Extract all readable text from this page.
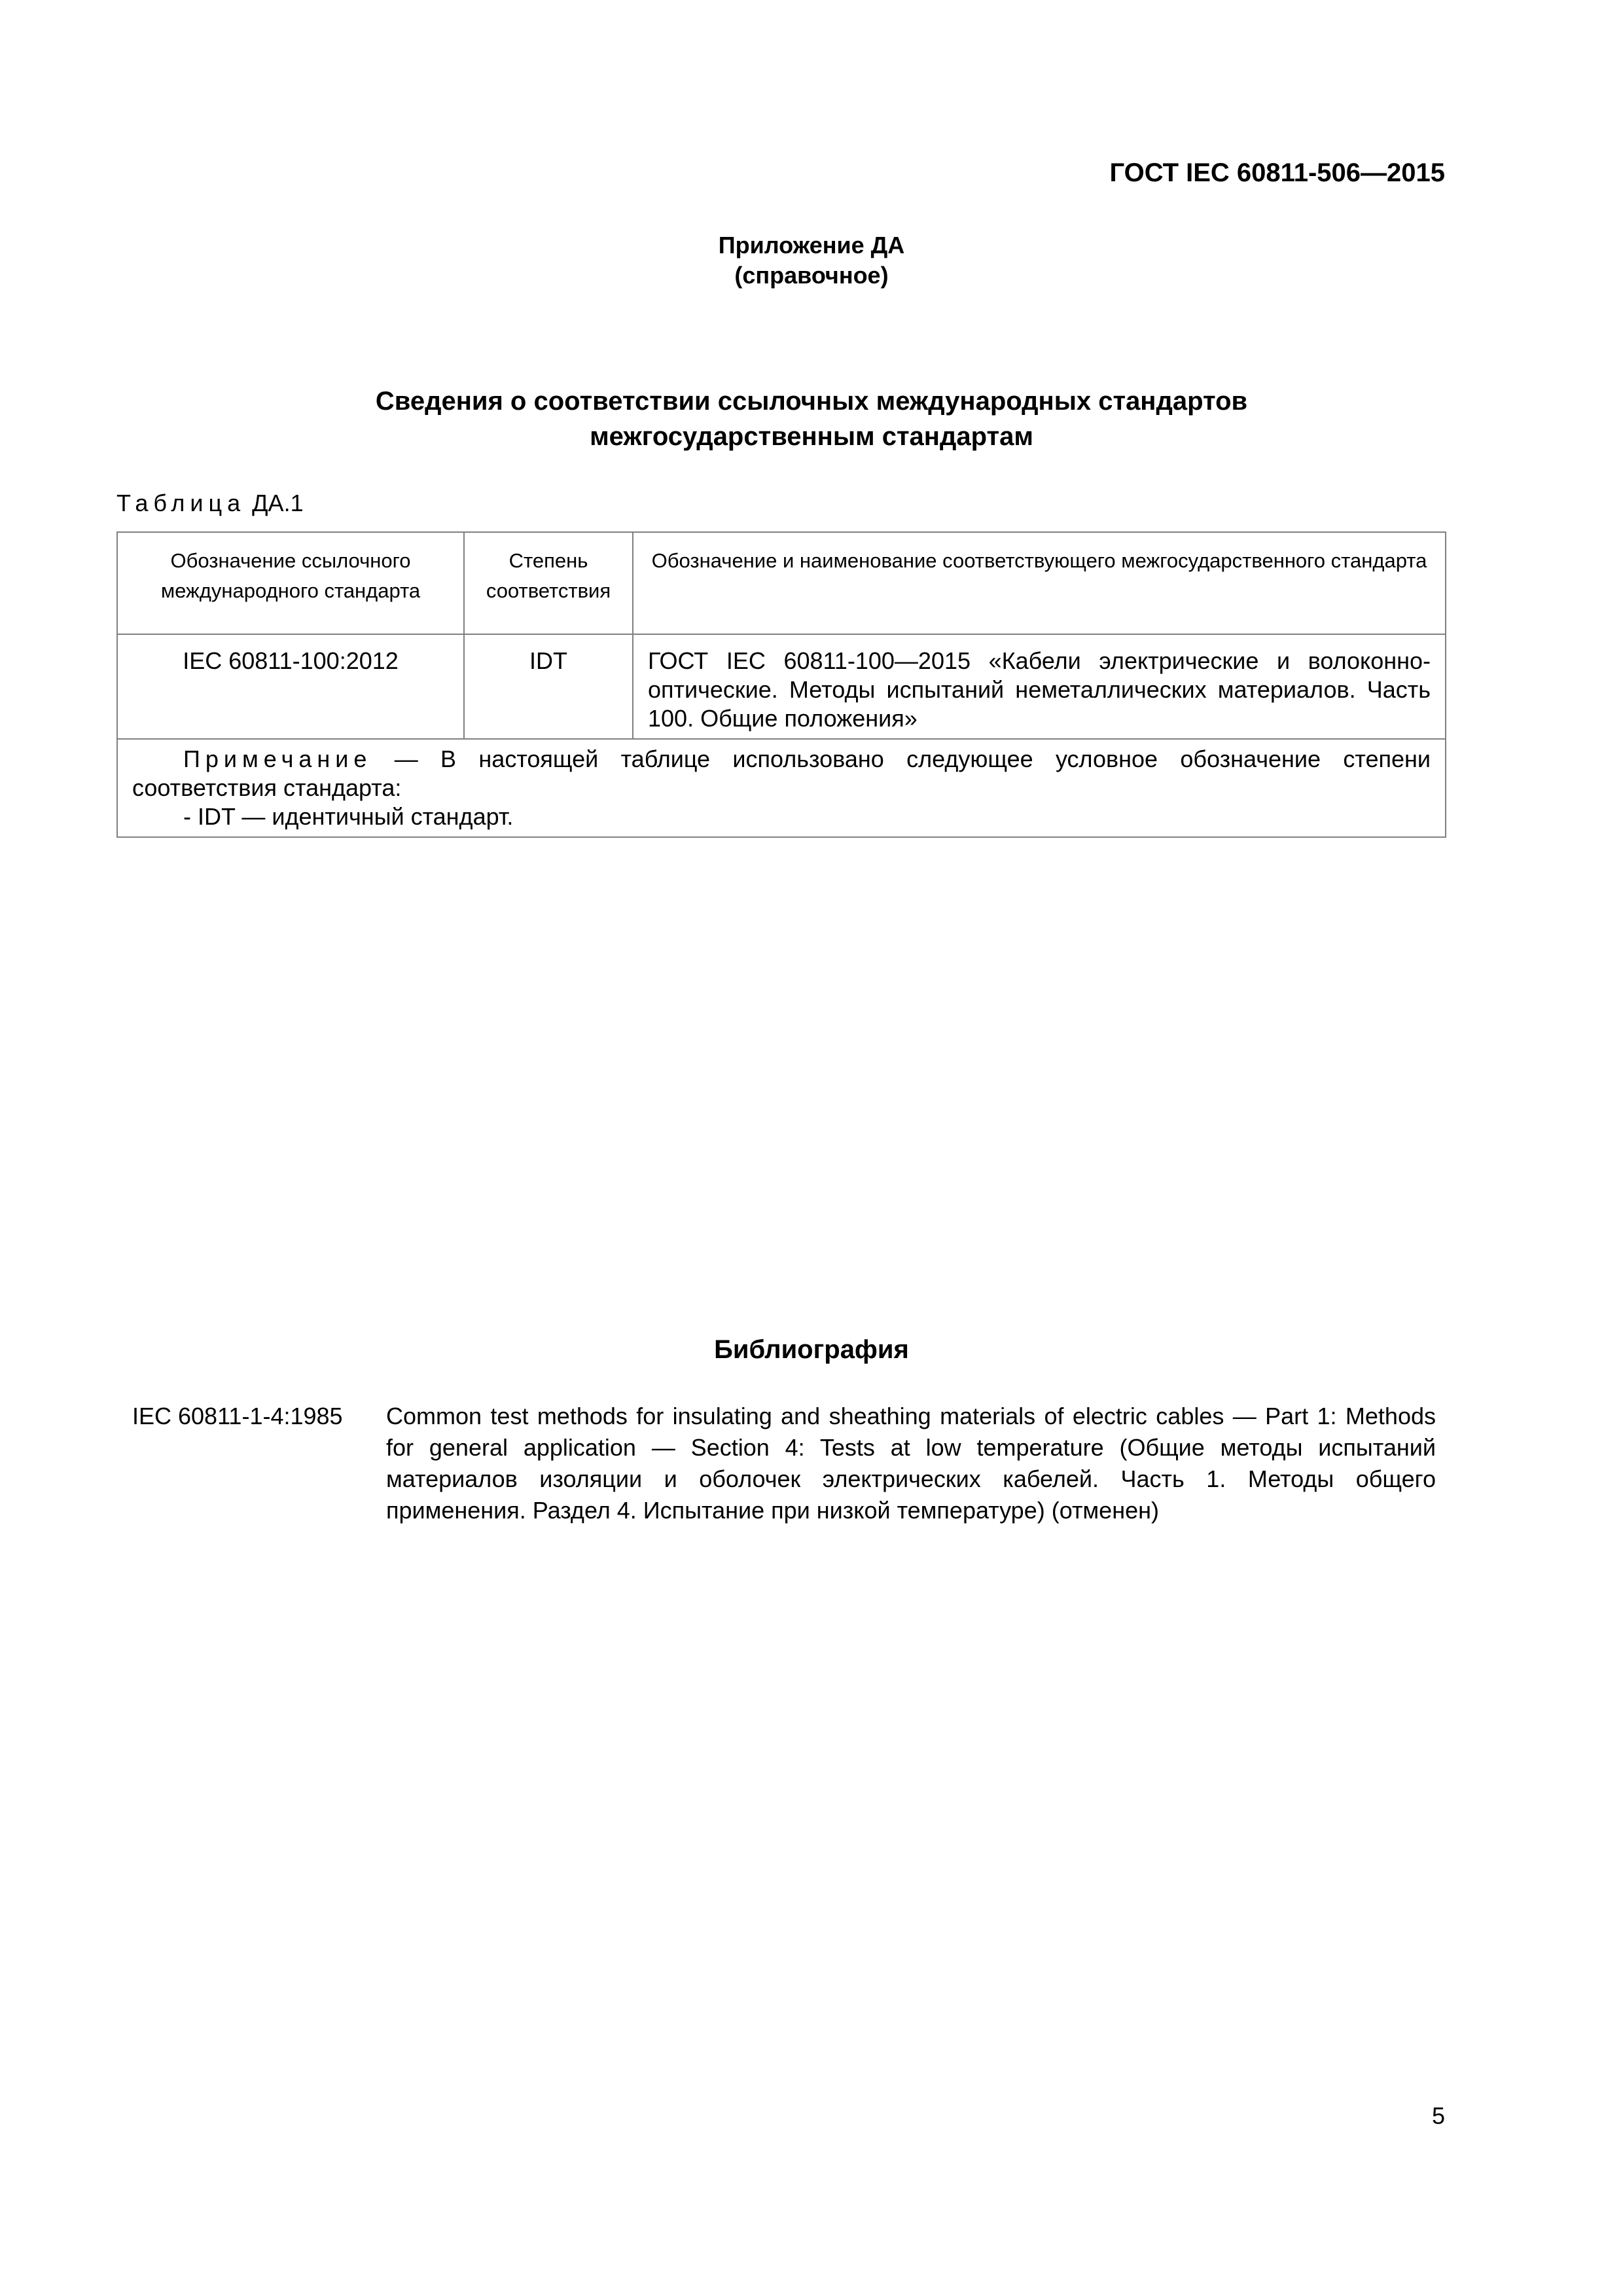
ГОСТ IEC 60811-506—2015
Приложение ДА
(справочное)
Сведения о соответствии ссылочных международных стандартов
межгосударственным стандартам
Таблица ДА.1
Обозначение ссылочного международного стандарта	Степень соответствия	Обозначение и наименование соответствующего межгосударственного стандарта
IEC 60811-100:2012	IDT	ГОСТ IEC 60811-100—2015 «Кабели электрические и волоконно-оптические. Методы испытаний неметаллических материалов. Часть 100. Общие положения»

Примечание — В настоящей таблице использовано следующее условное обозначение степени соответствия стандарта:

- IDT — идентичный стандарт.		

Библиография
IEC 60811-1-4:1985 Common test methods for insulating and sheathing materials of electric cables — Part 1: Methods for general application — Section 4: Tests at low temperature (Общие методы испытаний материалов изоляции и оболочек электрических кабелей. Часть 1. Методы общего применения. Раздел 4. Испытание при низкой температуре) (отменен)
5
